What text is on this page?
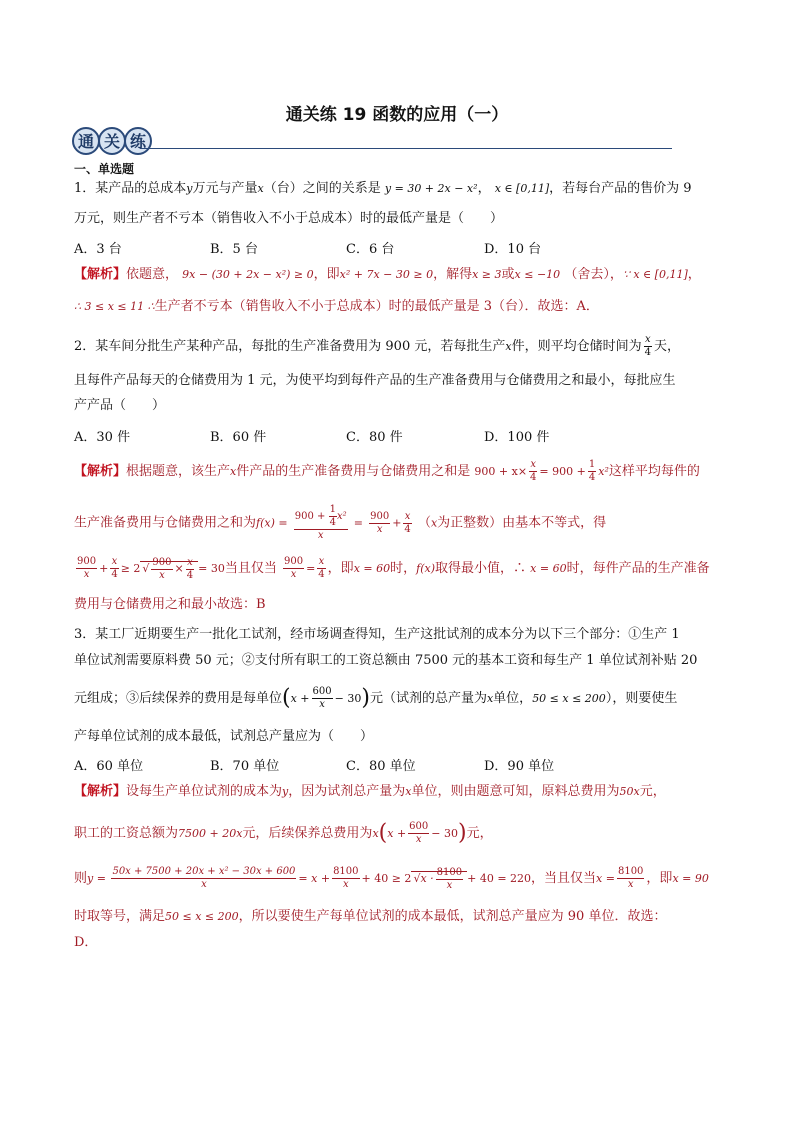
通关练 19 函数的应用（一）
通 关 练
一、单选题
1．某产品的总成本y万元与产量x（台）之间的关系是 y = 30 + 2x − x²， x ∈ [0,11]，若每台产品的售价为 9
万元，则生产者不亏本（销售收入不小于总成本）时的最低产量是（　　）
A．3 台	B．5 台	C．6 台	D．10 台
【解析】依题意， 9x − (30 + 2x − x²) ≥ 0，即x² + 7x − 30 ≥ 0，解得x ≥ 3或x ≤ −10 （舍去），∵ x ∈ [0,11]，
∴ 3 ≤ x ≤ 11 ∴生产者不亏本（销售收入不小于总成本）时的最低产量是 3（台）．故选：A．
2．某车间分批生产某种产品，每批的生产准备费用为 900 元，若每批生产x件，则平均仓储时间为 $\frac{x}{4}$ 天，
且每件产品每天的仓储费用为 1 元，为使平均到每件产品的生产准备费用与仓储费用之和最小，每批应生
产产品（　　）
A．30 件	B．60 件	C．80 件	D．100 件
【解析】根据题意，该生产x件产品的生产准备费用与仓储费用之和是 $900 + x\times \frac{x}{4} = 900 + \frac{1}{4} x^2$这样平均每件的
生产准备费用与仓储费用之和为$f(x) = \frac{900 + \frac{1}{4} x^2}{x} = \frac{900}{x} + \frac{x}{4} (x$为正整数）由基本不等式，得
$\frac{900}{x} + \frac{x}{4} \ge 2$ √ $\frac{900}{x} \times \frac{x}{4} = 30$当且仅当 $\frac{900}{x} = \frac{x}{4}$ ，即x = 60时，f(x)取得最小值，∴ x = 60时，每件产品的生产准备
费用与仓储费用之和最小故选：B
3．某工厂近期要生产一批化工试剂，经市场调查得知，生产这批试剂的成本分为以下三个部分：①生产 1
单位试剂需要原料费 50 元；②支付所有职工的工资总额由 7500 元的基本工资和每生产 1 单位试剂补贴 20
元组成；③后续保养的费用是每单位$(x + \frac{600}{x} - 30)$元（试剂的总产量为x单位，50 ≤ x ≤ 200），则要使生
产每单位试剂的成本最低，试剂总产量应为（　　）
A．60 单位	B．70 单位	C．80 单位	D．90 单位
【解析】设每生产单位试剂的成本为y，因为试剂总产量为x单位，则由题意可知，原料总费用为50x元，
职工的工资总额为7500 + 20x元，后续保养总费用为$x(x + \frac{600}{x} - 30)$元，
则$y = \frac{\text{50x + 7500 + 20x + x² − 30x + 600}}{x} = x + \frac{8100}{x} + 40 \ge 2$ $√x \cdot \frac{8100}{x} + 40 = 220$，当且仅当$x = \frac{8100}{x}$ ，即x = 90
时取等号，满足50 ≤ x ≤ 200，所以要使生产每单位试剂的成本最低，试剂总产量应为 90 单位．故选：
D．
